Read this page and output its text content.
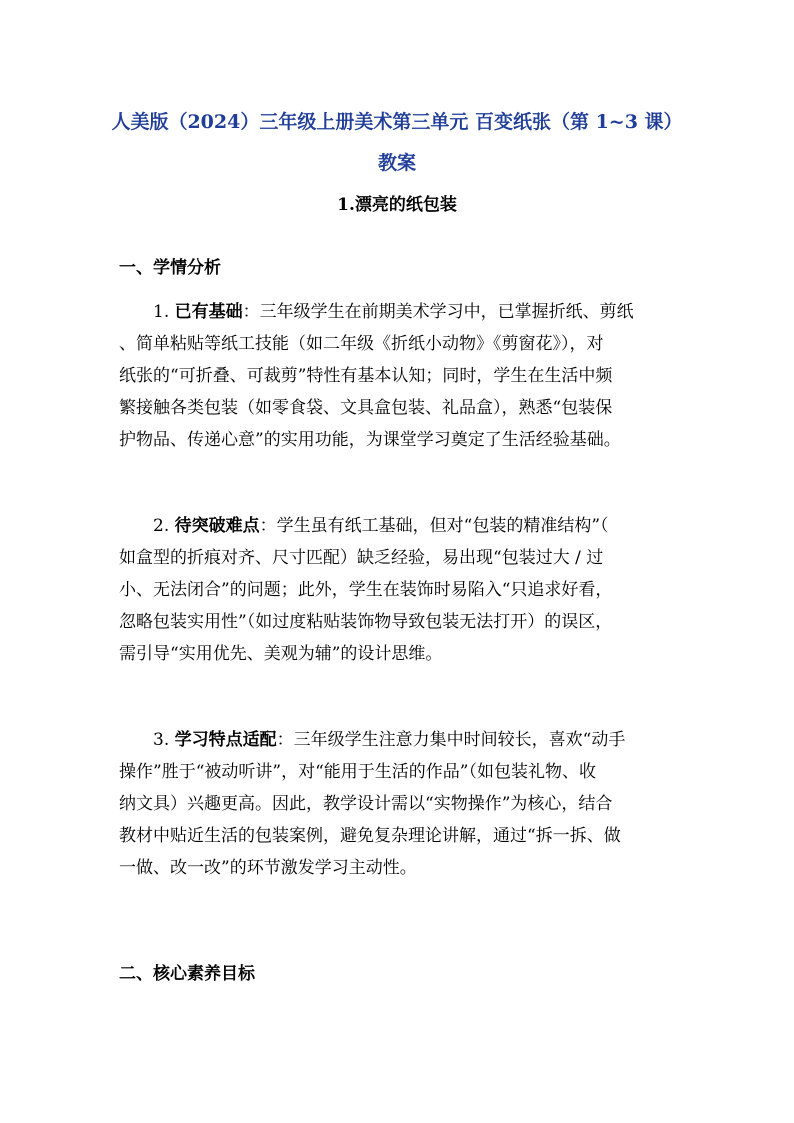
人美版（2024）三年级上册美术第三单元 百变纸张（第 1~3 课）
教案
1.漂亮的纸包装
一、学情分析
1. 已有基础：三年级学生在前期美术学习中，已掌握折纸、剪纸
、简单粘贴等纸工技能（如二年级《折纸小动物》《剪窗花》），对
纸张的“可折叠、可裁剪”特性有基本认知；同时，学生在生活中频
繁接触各类包装（如零食袋、文具盒包装、礼品盒），熟悉“包装保
护物品、传递心意”的实用功能，为课堂学习奠定了生活经验基础。
2. 待突破难点：学生虽有纸工基础，但对“包装的精准结构”（
如盒型的折痕对齐、尺寸匹配）缺乏经验，易出现“包装过大 / 过
小、无法闭合”的问题；此外，学生在装饰时易陷入“只追求好看，
忽略包装实用性”（如过度粘贴装饰物导致包装无法打开）的误区，
需引导“实用优先、美观为辅”的设计思维。
3. 学习特点适配：三年级学生注意力集中时间较长，喜欢“动手
操作”胜于“被动听讲”，对“能用于生活的作品”（如包装礼物、收
纳文具）兴趣更高。因此，教学设计需以“实物操作”为核心，结合
教材中贴近生活的包装案例，避免复杂理论讲解，通过“拆一拆、做
一做、改一改”的环节激发学习主动性。
二、核心素养目标
